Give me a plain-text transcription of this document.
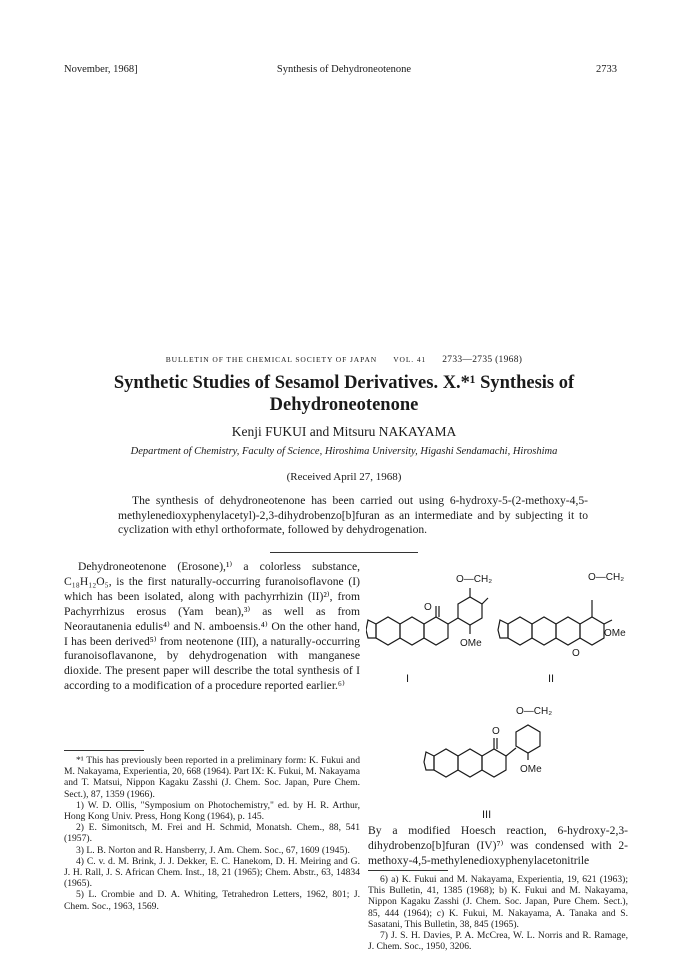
November, 1968]	Synthesis of Dehydroneotenone	2733
BULLETIN OF THE CHEMICAL SOCIETY OF JAPAN VOL. 41 2733—2735 (1968)
Synthetic Studies of Sesamol Derivatives. X.*¹ Synthesis of
Dehydroneotenone
Kenji FUKUI and Mitsuru NAKAYAMA
Department of Chemistry, Faculty of Science, Hiroshima University, Higashi Sendamachi, Hiroshima
(Received April 27, 1968)
The synthesis of dehydroneotenone has been carried out using 6-hydroxy-5-(2-methoxy-4,5-methylenedioxyphenylacetyl)-2,3-dihydrobenzo[b]furan as an intermediate and by subjecting it to cyclization with ethyl orthoformate, followed by dehydrogenation.

Dehydroneotenone (Erosone),¹⁾ a colorless substance, C₁₈H₁₂O₅, is the first naturally-occurring furanoisoflavone (I) which has been isolated, along with pachyrrhizin (II)²⁾, from Pachyrrhizus erosus (Yam bean),³⁾ as well as from Neorautanenia edulis⁴⁾ and N. amboensis.⁴⁾ On the other hand, I has been derived⁵⁾ from neotenone (III), a naturally-occurring furanoisoflavanone, by dehydrogenation with manganese dioxide. The present paper will describe the total synthesis of I according to a modification of a procedure reported earlier.⁶⁾

*¹ This has previously been reported in a preliminary form: K. Fukui and M. Nakayama, Experientia, 20, 668 (1964). Part IX: K. Fukui, M. Nakayama and T. Matsui, Nippon Kagaku Zasshi (J. Chem. Soc. Japan, Pure Chem. Sect.), 87, 1359 (1966).
1) W. D. Ollis, "Symposium on Photochemistry," ed. by H. R. Arthur, Hong Kong Univ. Press, Hong Kong (1964), p. 145.
2) E. Simonitsch, M. Frei and H. Schmid, Monatsh. Chem., 88, 541 (1957).
3) L. B. Norton and R. Hansberry, J. Am. Chem. Soc., 67, 1609 (1945).
4) C. v. d. M. Brink, J. J. Dekker, E. C. Hanekom, D. H. Meiring and G. J. H. Rall, J. S. African Chem. Inst., 18, 21 (1965); Chem. Abstr., 63, 14834 (1965).
5) L. Crombie and D. A. Whiting, Tetrahedron Letters, 1962, 801; J. Chem. Soc., 1963, 1569.
O
O—CH₂
OMe
I
O—CH₂
OMe
O
II
O—CH₂
OMe
O
III
By a modified Hoesch reaction, 6-hydroxy-2,3-dihydrobenzo[b]furan (IV)⁷⁾ was condensed with 2-methoxy-4,5-methylenedioxyphenylacetonitrile
6) a) K. Fukui and M. Nakayama, Experientia, 19, 621 (1963); This Bulletin, 41, 1385 (1968); b) K. Fukui and M. Nakayama, Nippon Kagaku Zasshi (J. Chem. Soc. Japan, Pure Chem. Sect.), 85, 444 (1964); c) K. Fukui, M. Nakayama, A. Tanaka and S. Sasatani, This Bulletin, 38, 845 (1965).
7) J. S. H. Davies, P. A. McCrea, W. L. Norris and R. Ramage, J. Chem. Soc., 1950, 3206.
